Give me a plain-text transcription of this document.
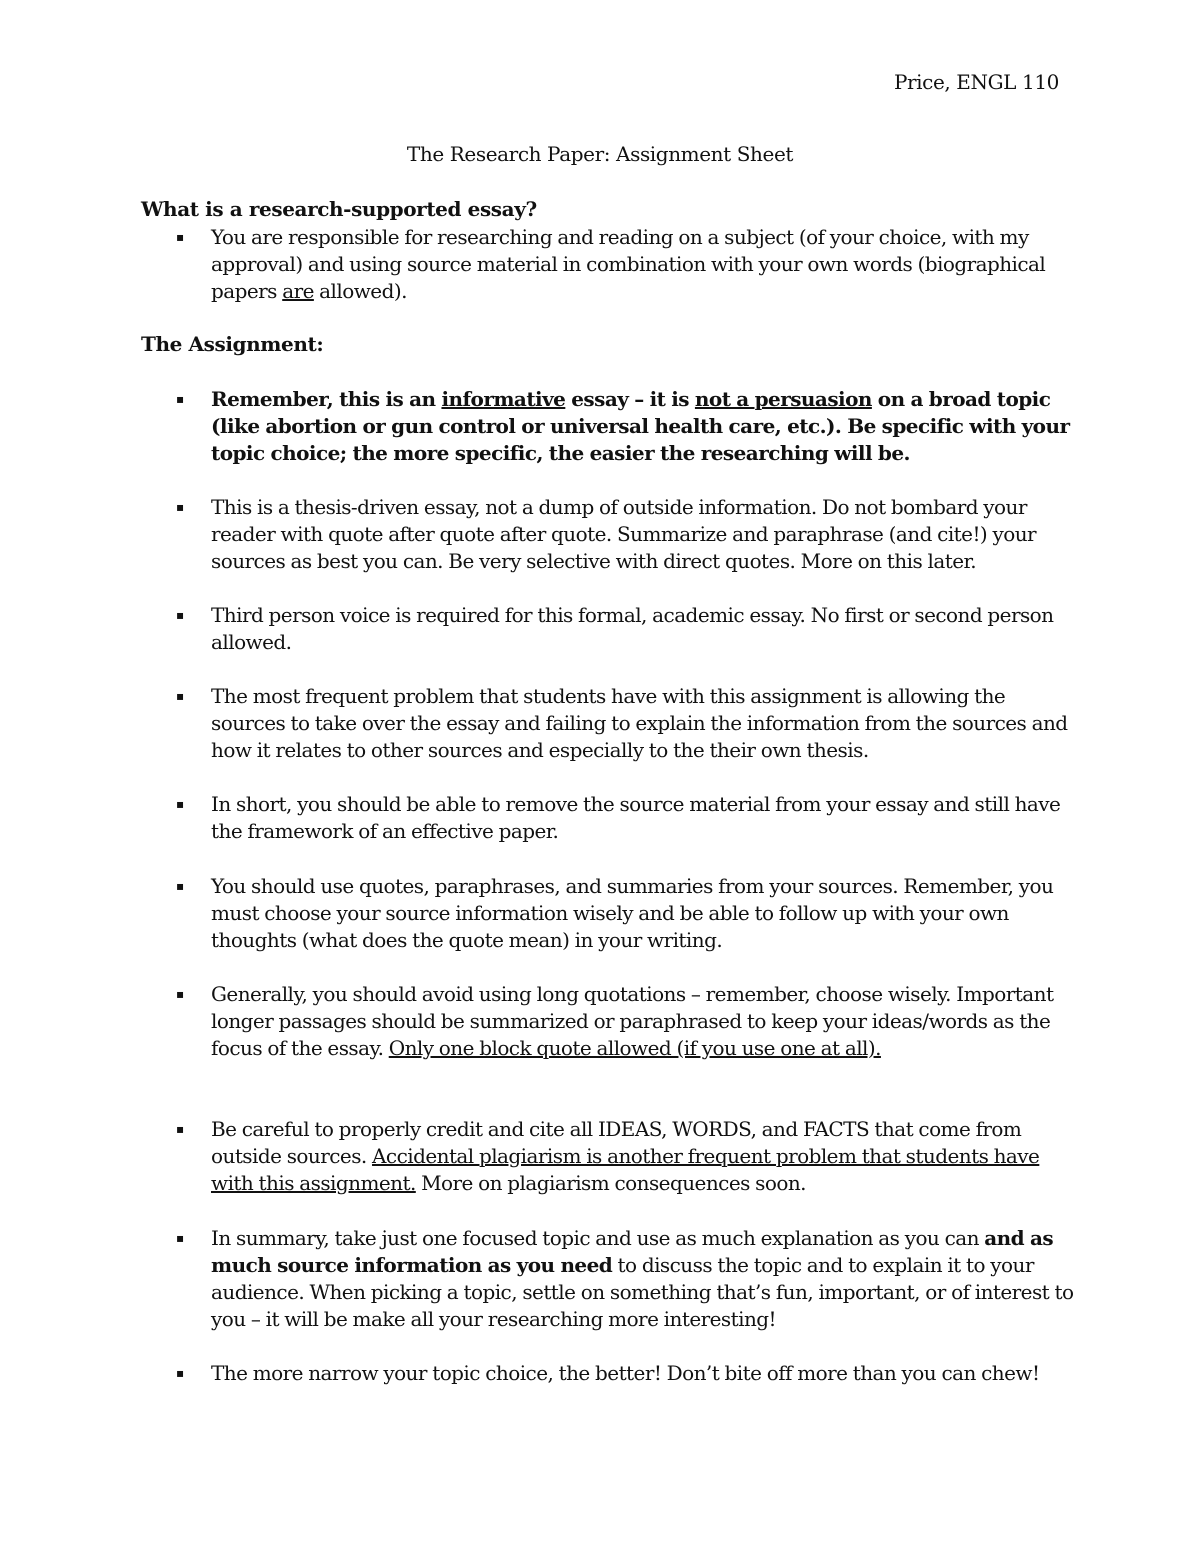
Price, ENGL 110
The Research Paper: Assignment Sheet
What is a research-supported essay?
▪ You are responsible for researching and reading on a subject (of your choice, with my approval) and using source material in combination with your own words (biographical papers are allowed).
The Assignment:
▪ Remember, this is an informative essay – it is not a persuasion on a broad topic (like abortion or gun control or universal health care, etc.). Be specific with your topic choice; the more specific, the easier the researching will be.
▪ This is a thesis-driven essay, not a dump of outside information. Do not bombard your reader with quote after quote after quote. Summarize and paraphrase (and cite!) your sources as best you can. Be very selective with direct quotes. More on this later.
▪ Third person voice is required for this formal, academic essay. No first or second person allowed.
▪ The most frequent problem that students have with this assignment is allowing the sources to take over the essay and failing to explain the information from the sources and how it relates to other sources and especially to the their own thesis.
▪ In short, you should be able to remove the source material from your essay and still have the framework of an effective paper.
▪ You should use quotes, paraphrases, and summaries from your sources. Remember, you must choose your source information wisely and be able to follow up with your own thoughts (what does the quote mean) in your writing.
▪ Generally, you should avoid using long quotations – remember, choose wisely. Important longer passages should be summarized or paraphrased to keep your ideas/words as the focus of the essay. Only one block quote allowed (if you use one at all).
▪ Be careful to properly credit and cite all IDEAS, WORDS, and FACTS that come from outside sources. Accidental plagiarism is another frequent problem that students have with this assignment. More on plagiarism consequences soon.
▪ In summary, take just one focused topic and use as much explanation as you can and as much source information as you need to discuss the topic and to explain it to your audience. When picking a topic, settle on something that’s fun, important, or of interest to you – it will be make all your researching more interesting!
▪ The more narrow your topic choice, the better! Don’t bite off more than you can chew!
